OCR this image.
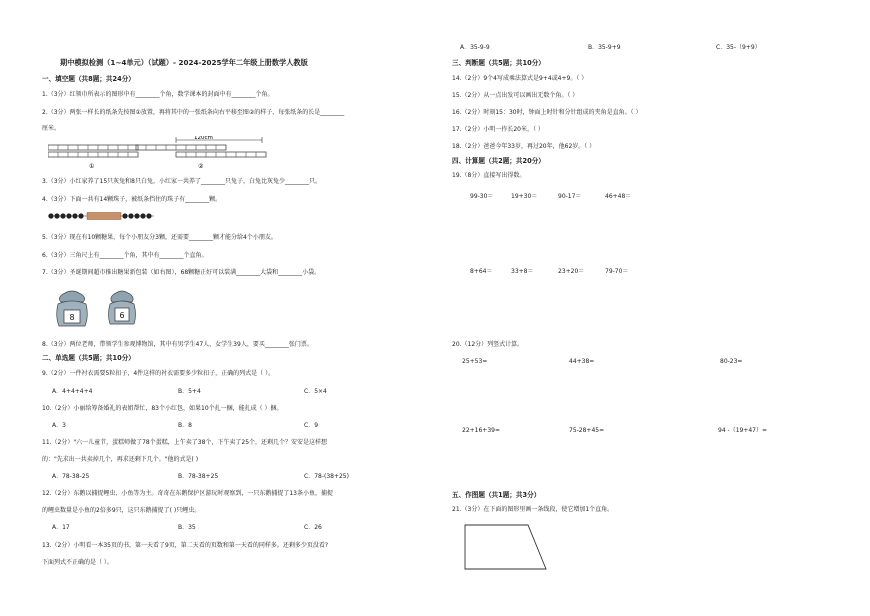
期中模拟检测（1~4单元）（试题）- 2024-2025学年二年级上册数学人教版
一、填空题（共8题；共24分）
1.（3分）红领巾所表示的图形中有________个角，数学课本的封面中有________个角。
2.（3分）两张一样长的纸条先按图①放置，再将其中的一张纸条向右平移至图②的样子，每张纸条的长是________
厘米。
①
120cm
②
3.（3分）小红家养了15只灰兔和8只白兔，小红家一共养了________只兔子，白兔比灰兔少________只。
4.（3分）下面一共有14颗珠子，被纸条挡住的珠子有________颗。
5.（3分）现在有10颗糖果，每个小朋友分3颗，还需要________颗才能分给4个小朋友。
6.（3分）三角尺上有________个角，其中有________个直角。
7.（3分）圣诞期间超市推出糖果新包装（如右图），68颗糖正好可以装满________大袋和________小袋。
8	6
8.（3分）两位老师，带领学生参观博物馆，其中有男学生47人，女学生39人，要买________张门票。
二、单选题（共5题；共10分）
9.（2分）一件衬衣需要5粒扣子，4件这样的衬衣需要多少粒扣子，正确的列式是（ ）。
A．4+4+4+4	B．5+4	C．5×4
10.（2分）小丽给筹备婚礼的表姐帮忙，83个小红包，如果10个扎一捆，能扎成（ ）捆。
A．3	B．8	C．9
11.（2分）"六一儿童节，蛋糕师做了78个蛋糕，上午卖了38个，下午卖了25个，还剩几个？安安是这样想
的："先求出一共卖掉几个，再求还剩下几个。"他的式是( )
A．78-38-25	B．78-38+25	C．78-(38+25)
12.（2分）东鹅以捕捉鲤虫、小鱼等为主。奇奇在东鹅保护区游玩时观察到，一只东鹅捕捉了13条小鱼，捕捉
的鲤虫数量是小鱼的2倍多9只，这只东鹅捕捉了( )只鲤虫。
A．17	B．35	C．26
13.（2分）小明看一本35页的书，第一天看了9页，第二天看的页数和第一天看的同样多。还剩多少页没看?
下面列式不正确的是（ ）。
A．35-9-9	B．35-9+9	C．35-（9+9）
三、判断题（共5题；共10分）
14.（2分）9个4写成乘法算式是9+4或4+9。（ ）
15.（2分）从一点出发可以画出无数个角。（ ）
16.（2分）时刻15：30时，钟面上时针和分针组成的夹角是直角。（ ）
17.（2分）小明一拃长20米。（ ）
18.（2分）爸爸今年33岁，再过20年，他62岁。（ ）
四、计算题（共2题；共20分）
19.（8分）直接写出得数。
99-30＝	19+30＝	90-17＝	46+48＝
8+64＝	33+8＝	23+20＝	79-70＝
20.（12分）列竖式计算。
25+53=	44+38=	80-23=
22+16+39=	75-28+45=	94 -（19+47）=
五、作图题（共1题；共3分）
21.（3分）在下面的图形里画一条线段，使它增加1个直角。
